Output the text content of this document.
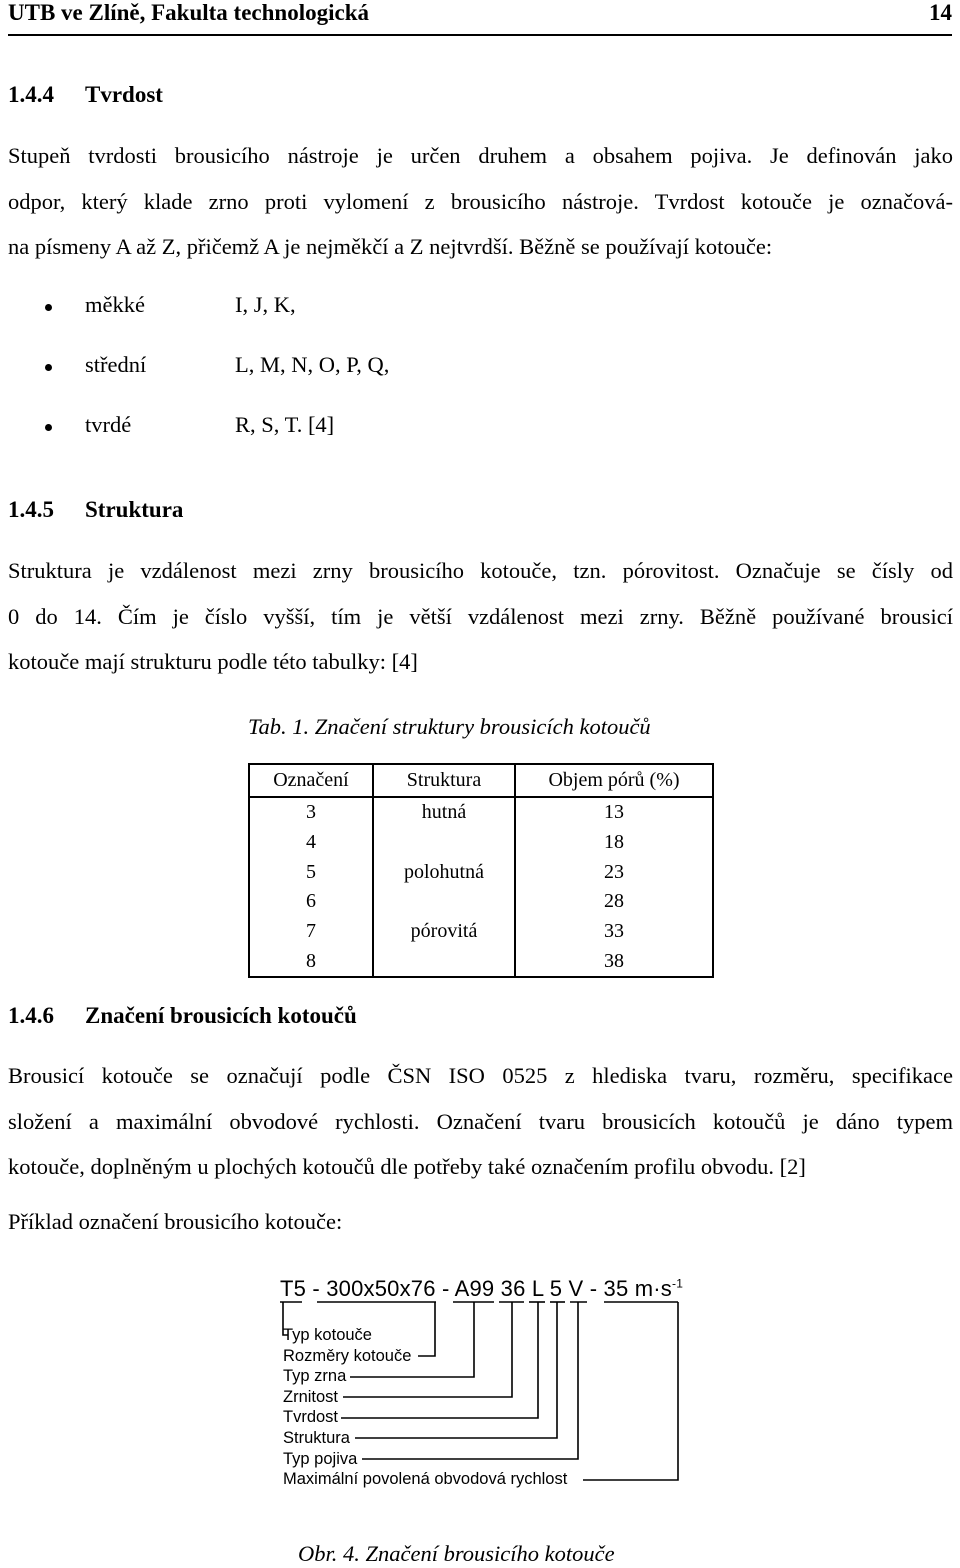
UTB ve Zlíně, Fakulta technologická	14
1.4.4 Tvrdost
Stupeň tvrdosti brousicího nástroje je určen druhem a obsahem pojiva. Je definován jako
odpor, který klade zrno proti vylomení z brousicího nástroje. Tvrdost kotouče je označová-
na písmeny A až Z, přičemž A je nejměkčí a Z nejtvrdší. Běžně se používají kotouče:
měkké	I, J, K,
střední	L, M, N, O, P, Q,
tvrdé	R, S, T. [4]
1.4.5 Struktura
Struktura je vzdálenost mezi zrny brousicího kotouče, tzn. pórovitost. Označuje se čísly od
0 do 14. Čím je číslo vyšší, tím je větší vzdálenost mezi zrny. Běžně používané brousicí
kotouče mají strukturu podle této tabulky: [4]
Tab. 1. Značení struktury brousicích kotoučů
Označení	Struktura	Objem pórů (%)
3	hutná	13
4		18
5	polohutná	23
6		28
7	pórovitá	33
8		38
1.4.6 Značení brousicích kotoučů
Brousicí kotouče se označují podle ČSN ISO 0525 z hlediska tvaru, rozměru, specifikace
složení a maximální obvodové rychlosti. Označení tvaru brousicích kotoučů je dáno typem
kotouče, doplněným u plochých kotoučů dle potřeby také označením profilu obvodu. [2]
Příklad označení brousicího kotouče:
T5 - 300x50x76 - A99 36 L 5 V - 35 $m\cdot s^{-1}$
Typ kotouče
Rozměry kotouče
Typ zrna
Zrnitost
Tvrdost
Struktura
Typ pojiva
Maximální povolená obvodová rychlost
Obr. 4. Značení brousicího kotouče
